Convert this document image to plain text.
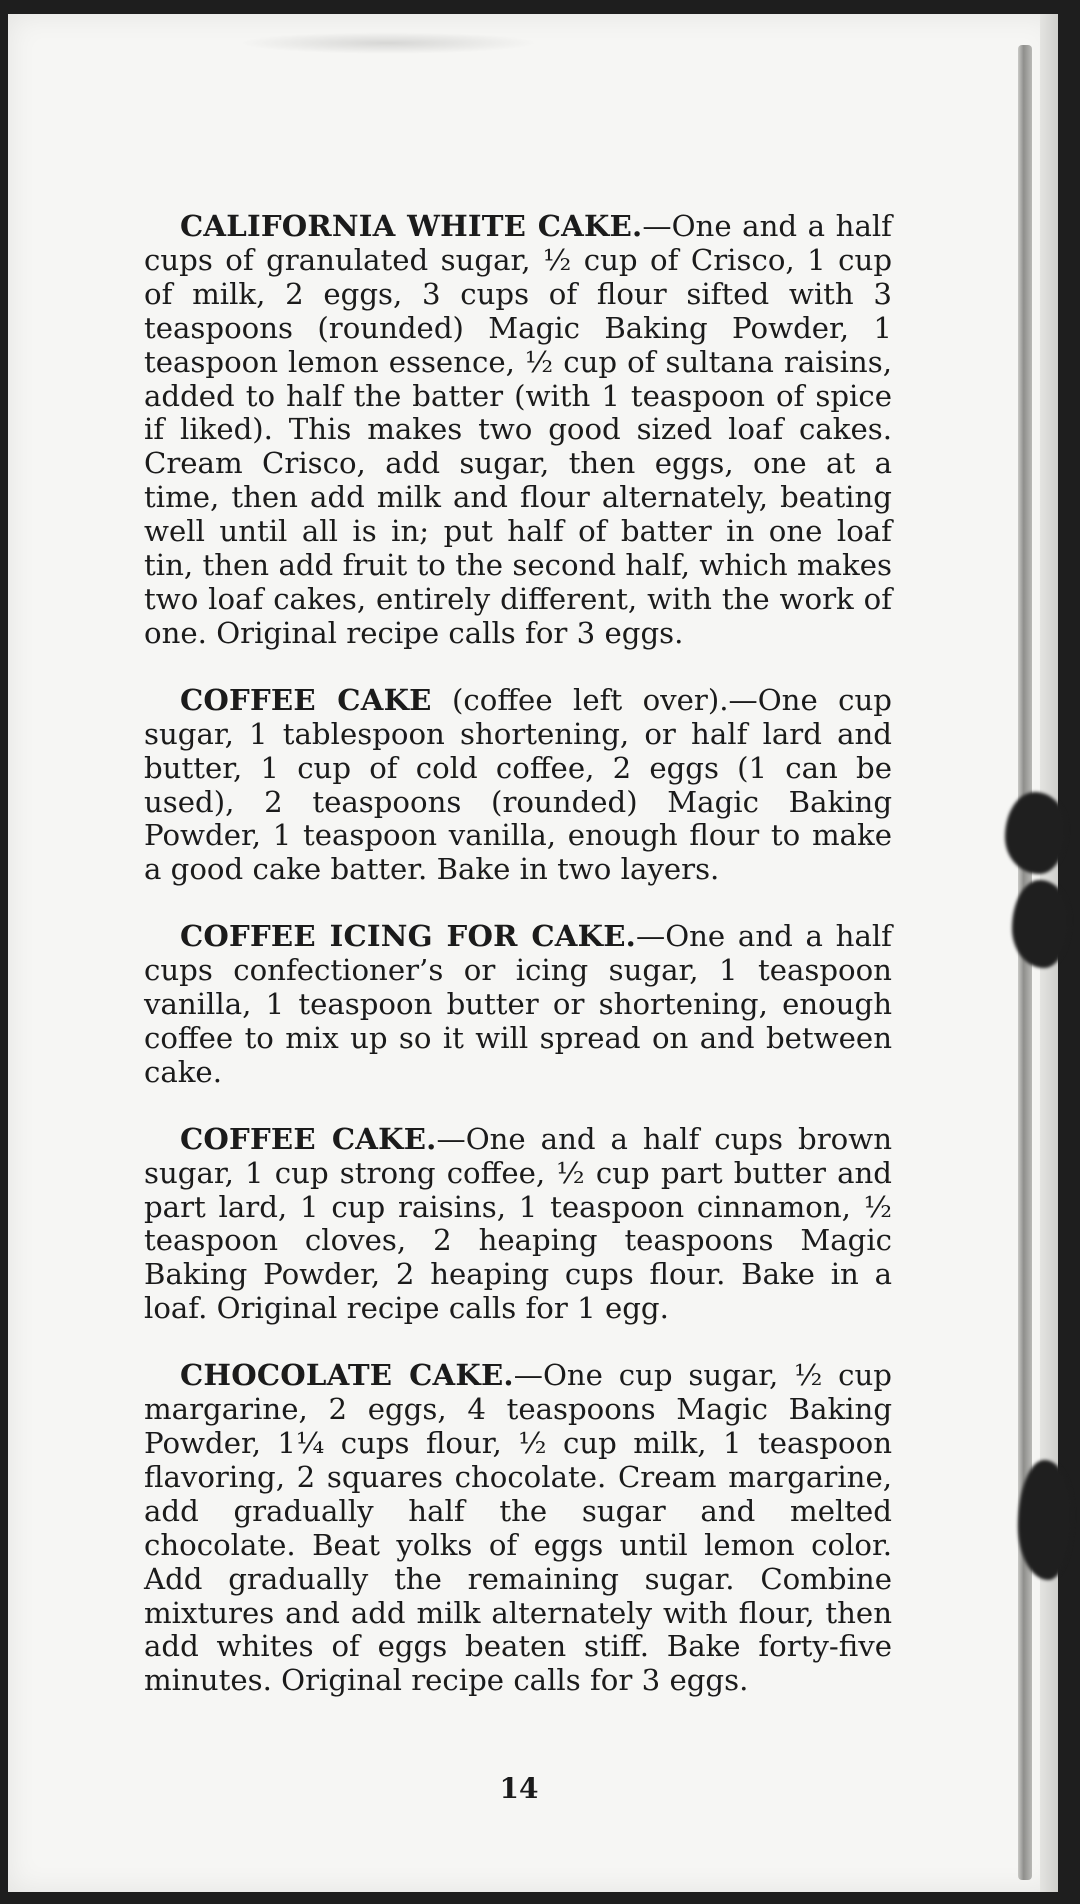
CALIFORNIA WHITE CAKE.—One and a half cups of granulated sugar, ½ cup of Crisco, 1 cup of milk, 2 eggs, 3 cups of flour sifted with 3 teaspoons (rounded) Magic Baking Powder, 1 teaspoon lemon essence, ½ cup of sultana raisins, added to half the batter (with 1 teaspoon of spice if liked). This makes two good sized loaf cakes. Cream Crisco, add sugar, then eggs, one at a time, then add milk and flour alternately, beating well until all is in; put half of batter in one loaf tin, then add fruit to the second half, which makes two loaf cakes, entirely different, with the work of one. Original recipe calls for 3 eggs.

COFFEE CAKE (coffee left over).—One cup sugar, 1 tablespoon shortening, or half lard and butter, 1 cup of cold coffee, 2 eggs (1 can be used), 2 teaspoons (rounded) Magic Baking Powder, 1 teaspoon vanilla, enough flour to make a good cake batter. Bake in two layers.

COFFEE ICING FOR CAKE.—One and a half cups confectioner’s or icing sugar, 1 teaspoon vanilla, 1 teaspoon butter or shortening, enough coffee to mix up so it will spread on and between cake.

COFFEE CAKE.—One and a half cups brown sugar, 1 cup strong coffee, ½ cup part butter and part lard, 1 cup raisins, 1 teaspoon cinnamon, ½ teaspoon cloves, 2 heaping teaspoons Magic Baking Powder, 2 heaping cups flour. Bake in a loaf. Original recipe calls for 1 egg.

CHOCOLATE CAKE.—One cup sugar, ½ cup margarine, 2 eggs, 4 teaspoons Magic Baking Powder, 1¼ cups flour, ½ cup milk, 1 teaspoon flavoring, 2 squares chocolate. Cream margarine, add gradually half the sugar and melted chocolate. Beat yolks of eggs until lemon color. Add gradually the remaining sugar. Combine mixtures and add milk alternately with flour, then add whites of eggs beaten stiff. Bake forty-five minutes. Original recipe calls for 3 eggs.

14
